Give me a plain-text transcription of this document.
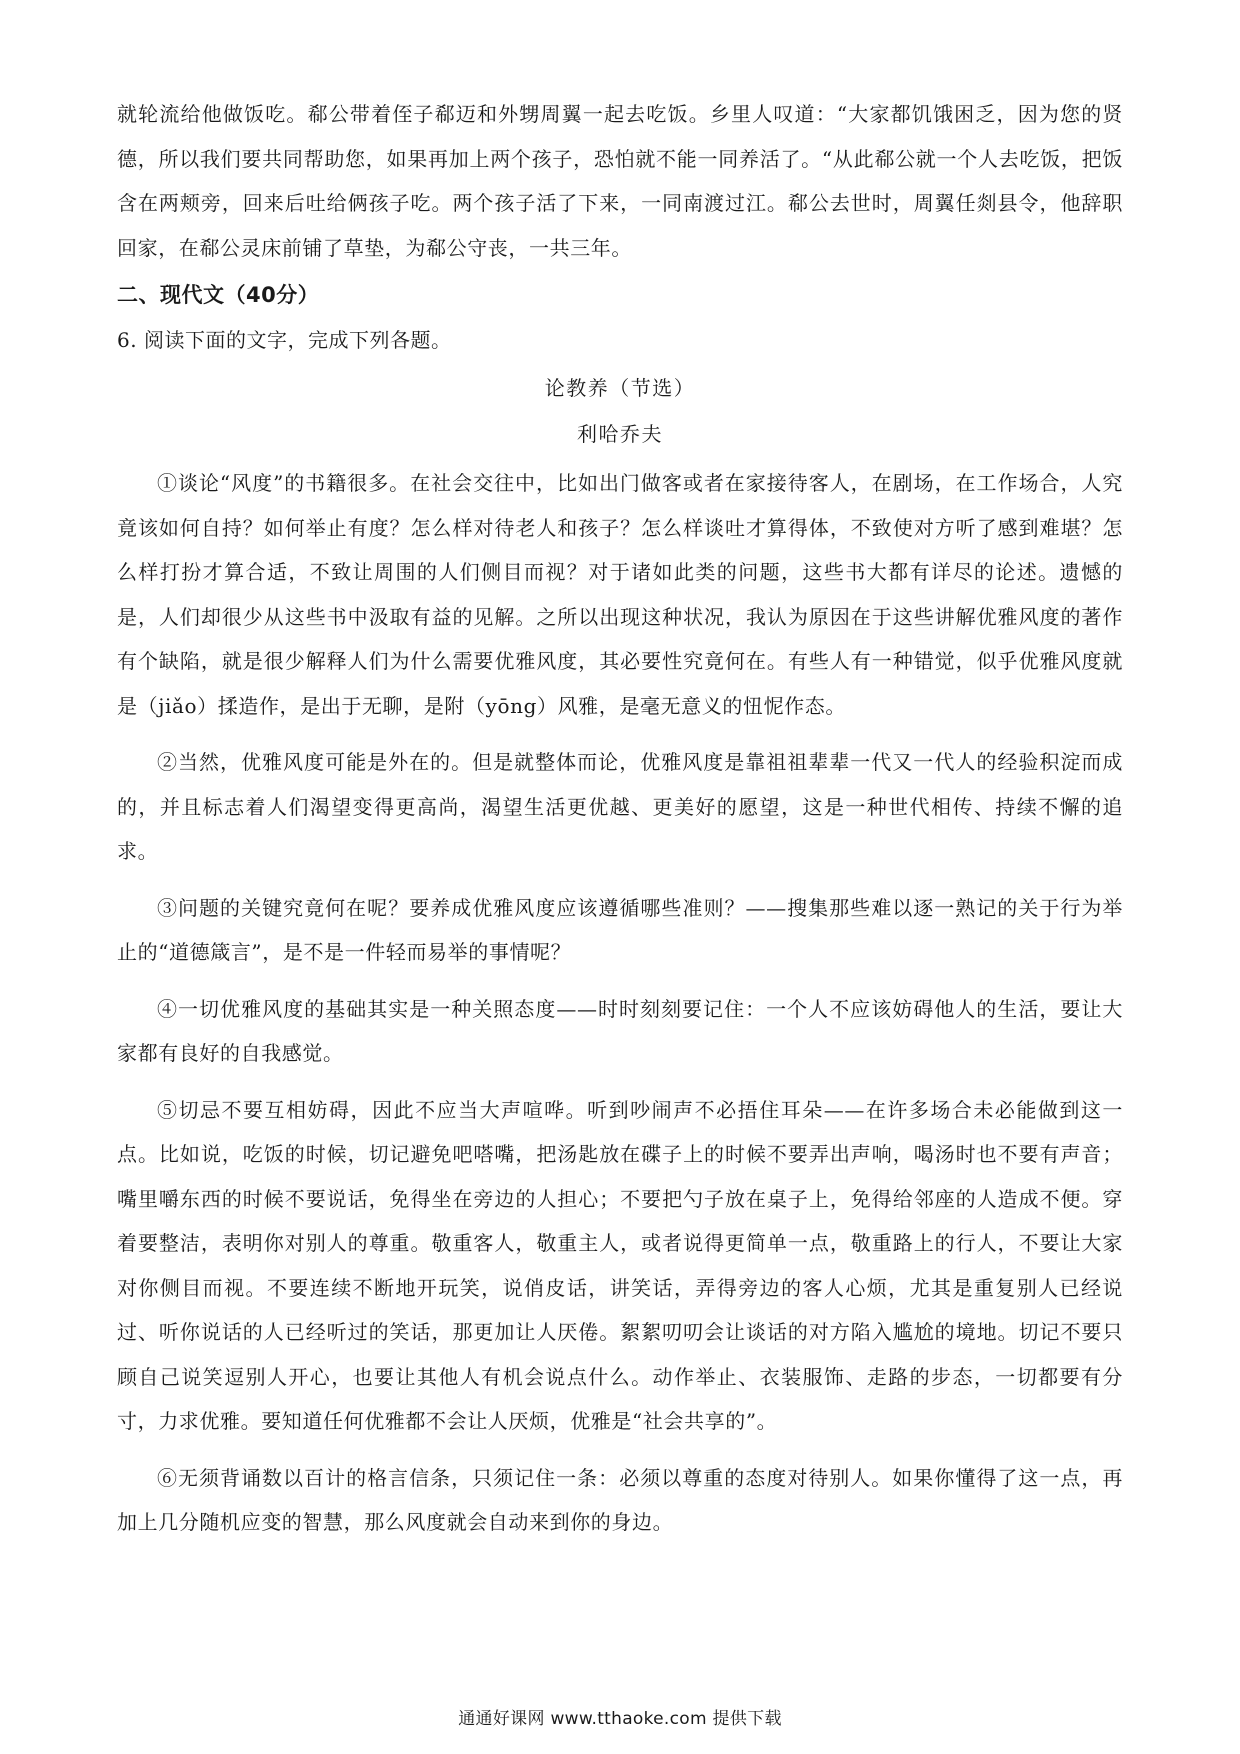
就轮流给他做饭吃。郗公带着侄子郗迈和外甥周翼一起去吃饭。乡里人叹道：“大家都饥饿困乏，因为您的贤德，所以我们要共同帮助您，如果再加上两个孩子，恐怕就不能一同养活了。“从此郗公就一个人去吃饭，把饭含在两颊旁，回来后吐给俩孩子吃。两个孩子活了下来，一同南渡过江。郗公去世时，周翼任剡县令，他辞职回家，在郗公灵床前铺了草垫，为郗公守丧，一共三年。

二、现代文（40分）

6. 阅读下面的文字，完成下列各题。

论教养（节选）
利哈乔夫

①谈论“风度”的书籍很多。在社会交往中，比如出门做客或者在家接待客人，在剧场，在工作场合，人究竟该如何自持？如何举止有度？怎么样对待老人和孩子？怎么样谈吐才算得体，不致使对方听了感到难堪？怎么样打扮才算合适，不致让周围的人们侧目而视？对于诸如此类的问题，这些书大都有详尽的论述。遗憾的是，人们却很少从这些书中汲取有益的见解。之所以出现这种状况，我认为原因在于这些讲解优雅风度的著作有个缺陷，就是很少解释人们为什么需要优雅风度，其必要性究竟何在。有些人有一种错觉，似乎优雅风度就是（jiǎo）揉造作，是出于无聊，是附（yōng）风雅，是毫无意义的忸怩作态。

②当然，优雅风度可能是外在的。但是就整体而论，优雅风度是靠祖祖辈辈一代又一代人的经验积淀而成的，并且标志着人们渴望变得更高尚，渴望生活更优越、更美好的愿望，这是一种世代相传、持续不懈的追求。

③问题的关键究竟何在呢？要养成优雅风度应该遵循哪些准则？——搜集那些难以逐一熟记的关于行为举止的“道德箴言”，是不是一件轻而易举的事情呢？

④一切优雅风度的基础其实是一种关照态度——时时刻刻要记住：一个人不应该妨碍他人的生活，要让大家都有良好的自我感觉。

⑤切忌不要互相妨碍，因此不应当大声喧哗。听到吵闹声不必捂住耳朵——在许多场合未必能做到这一点。比如说，吃饭的时候，切记避免吧嗒嘴，把汤匙放在碟子上的时候不要弄出声响，喝汤时也不要有声音；嘴里嚼东西的时候不要说话，免得坐在旁边的人担心；不要把勺子放在桌子上，免得给邻座的人造成不便。穿着要整洁，表明你对别人的尊重。敬重客人，敬重主人，或者说得更简单一点，敬重路上的行人，不要让大家对你侧目而视。不要连续不断地开玩笑，说俏皮话，讲笑话，弄得旁边的客人心烦，尤其是重复别人已经说过、听你说话的人已经听过的笑话，那更加让人厌倦。絮絮叨叨会让谈话的对方陷入尴尬的境地。切记不要只顾自己说笑逗别人开心，也要让其他人有机会说点什么。动作举止、衣装服饰、走路的步态，一切都要有分寸，力求优雅。要知道任何优雅都不会让人厌烦，优雅是“社会共享的”。

⑥无须背诵数以百计的格言信条，只须记住一条：必须以尊重的态度对待别人。如果你懂得了这一点，再加上几分随机应变的智慧，那么风度就会自动来到你的身边。

通通好课网 www.tthaoke.com 提供下载
